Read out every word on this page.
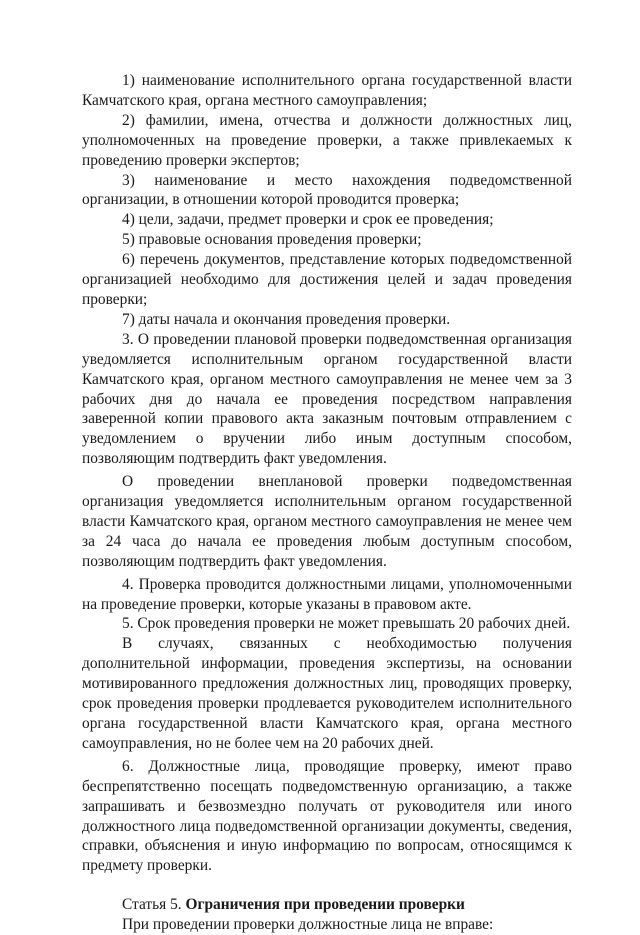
1) наименование исполнительного органа государственной власти Камчатского края, органа местного самоуправления;

2) фамилии, имена, отчества и должности должностных лиц, уполномоченных на проведение проверки, а также привлекаемых к проведению проверки экспертов;

3) наименование и место нахождения подведомственной организации, в отношении которой проводится проверка;

4) цели, задачи, предмет проверки и срок ее проведения;

5) правовые основания проведения проверки;

6) перечень документов, представление которых подведомственной организацией необходимо для достижения целей и задач проведения проверки;

7) даты начала и окончания проведения проверки.

3. О проведении плановой проверки подведомственная организация уведомляется исполнительным органом государственной власти Камчатского края, органом местного самоуправления не менее чем за 3 рабочих дня до начала ее проведения посредством направления заверенной копии правового акта заказным почтовым отправлением с уведомлением о вручении либо иным доступным способом, позволяющим подтвердить факт уведомления.

О проведении внеплановой проверки подведомственная организация уведомляется исполнительным органом государственной власти Камчатского края, органом местного самоуправления не менее чем за 24 часа до начала ее проведения любым доступным способом, позволяющим подтвердить факт уведомления.

4. Проверка проводится должностными лицами, уполномоченными на проведение проверки, которые указаны в правовом акте.

5. Срок проведения проверки не может превышать 20 рабочих дней.

В случаях, связанных с необходимостью получения дополнительной информации, проведения экспертизы, на основании мотивированного предложения должностных лиц, проводящих проверку, срок проведения проверки продлевается руководителем исполнительного органа государственной власти Камчатского края, органа местного самоуправления, но не более чем на 20 рабочих дней.

6. Должностные лица, проводящие проверку, имеют право беспрепятственно посещать подведомственную организацию, а также запрашивать и безвозмездно получать от руководителя или иного должностного лица подведомственной организации документы, сведения, справки, объяснения и иную информацию по вопросам, относящимся к предмету проверки.

Статья 5. Ограничения при проведении проверки

При проведении проверки должностные лица не вправе:
